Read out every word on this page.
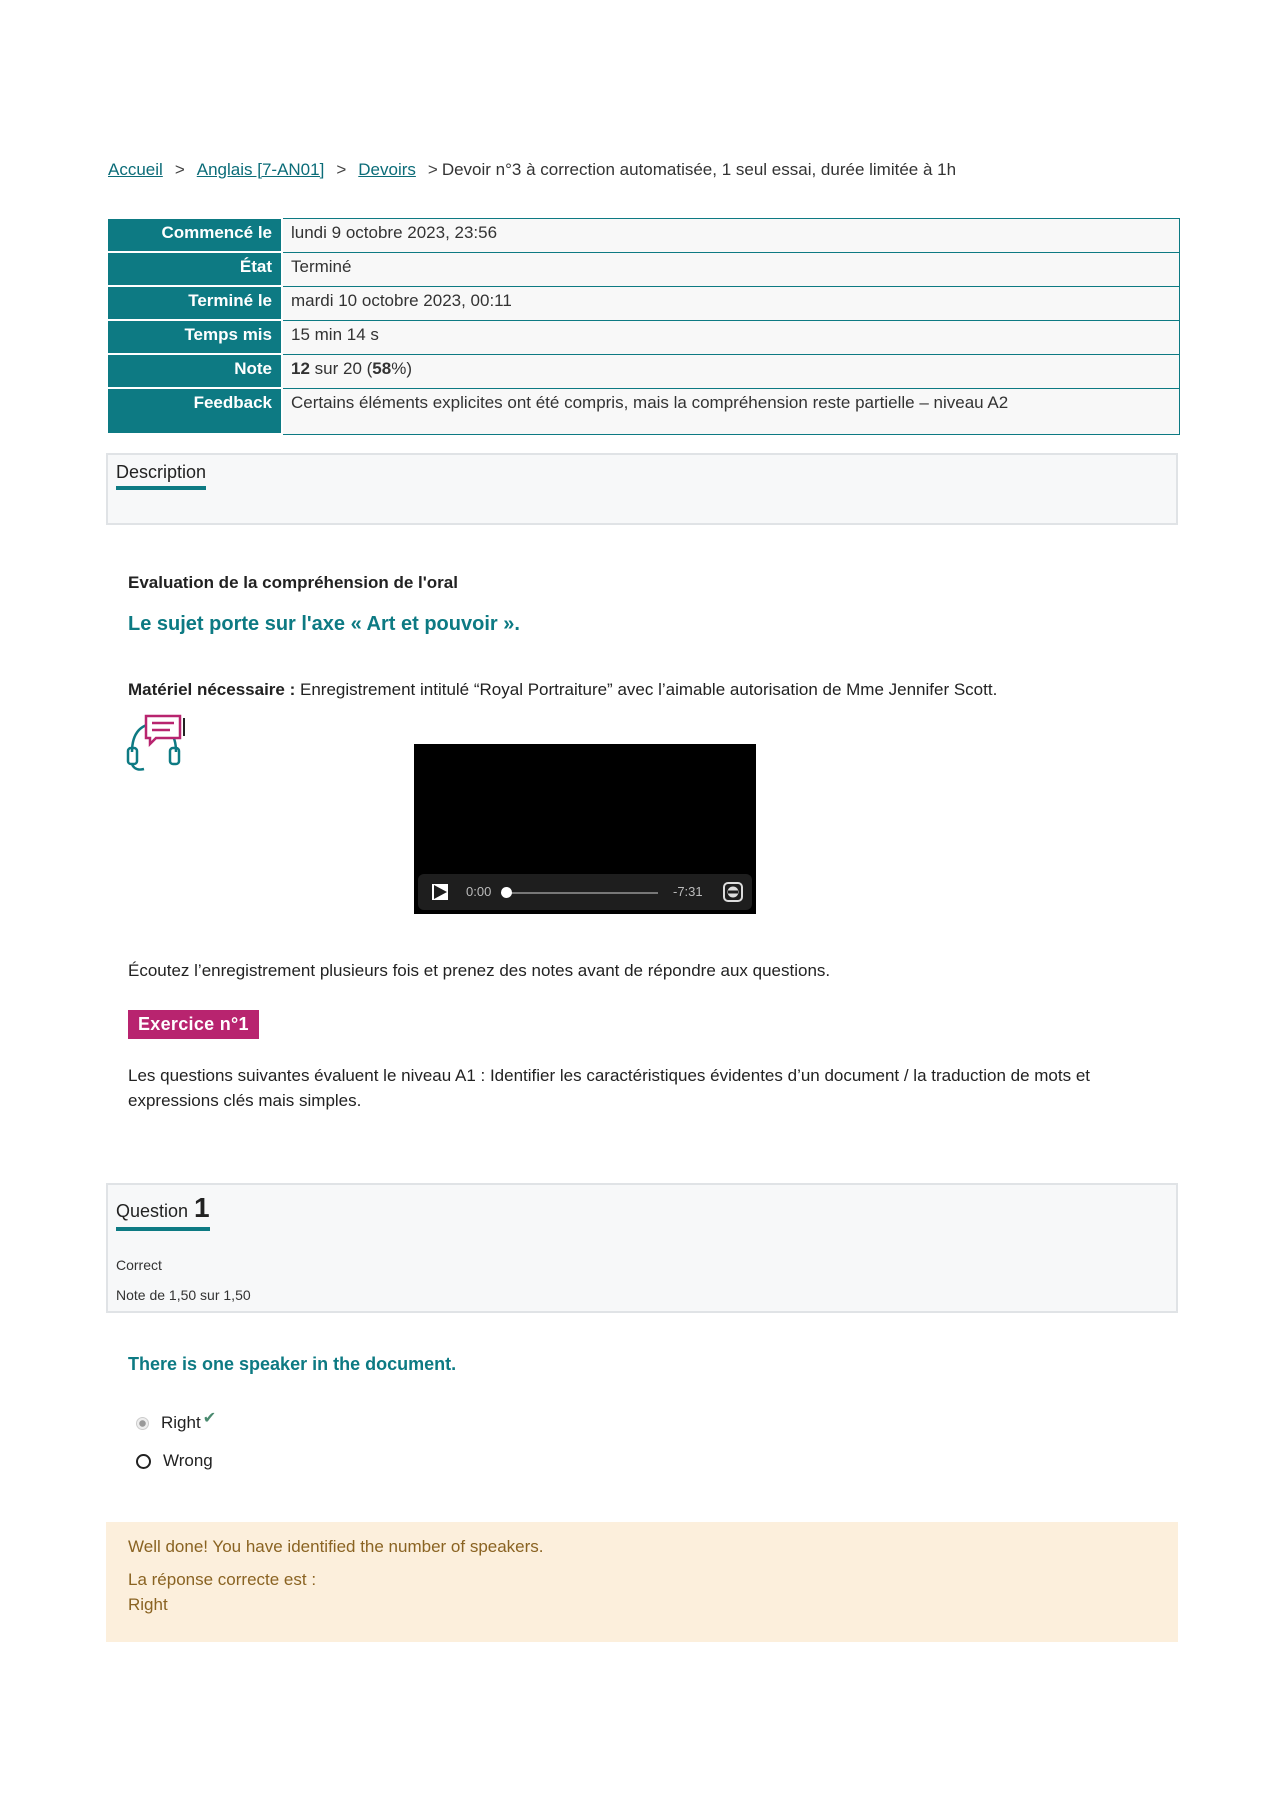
Accueil > Anglais [7-AN01] > Devoirs > Devoir n°3 à correction automatisée, 1 seul essai, durée limitée à 1h
Commencé le	lundi 9 octobre 2023, 23:56
État	Terminé
Terminé le	mardi 10 octobre 2023, 00:11
Temps mis	15 min 14 s
Note	12 sur 20 (58%)
Feedback	Certains éléments explicites ont été compris, mais la compréhension reste partielle – niveau A2
Description
Evaluation de la compréhension de l'oral
Le sujet porte sur l'axe « Art et pouvoir ».
Matériel nécessaire : Enregistrement intitulé “Royal Portraiture” avec l’aimable autorisation de Mme Jennifer Scott.
0:00	-7:31
Écoutez l’enregistrement plusieurs fois et prenez des notes avant de répondre aux questions.
Exercice n°1
Les questions suivantes évaluent le niveau A1 : Identifier les caractéristiques évidentes d’un document / la traduction de mots et expressions clés mais simples.
Question 1
Correct
Note de 1,50 sur 1,50
There is one speaker in the document.
Right ✔
Wrong
Well done! You have identified the number of speakers.
La réponse correcte est :
Right
